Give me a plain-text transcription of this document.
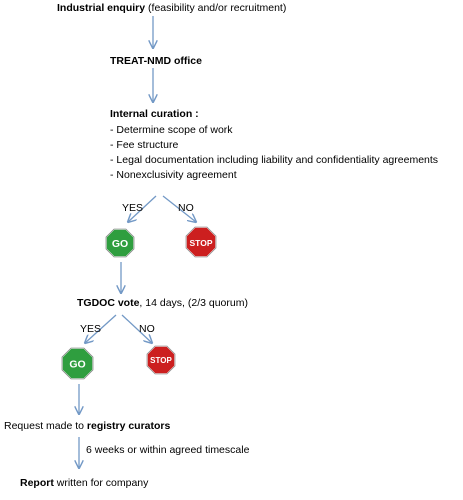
GO	STOP
GO	STOP
Industrial enquiry (feasibility and/or recruitment)
TREAT-NMD office
Internal curation :
- Determine scope of work
- Fee structure
- Legal documentation including liability and confidentiality agreements
- Nonexclusivity agreement
YES	NO
TGDOC vote, 14 days, (2/3 quorum)
YES	NO
Request made to registry curators
6 weeks or within agreed timescale
Report written for company
